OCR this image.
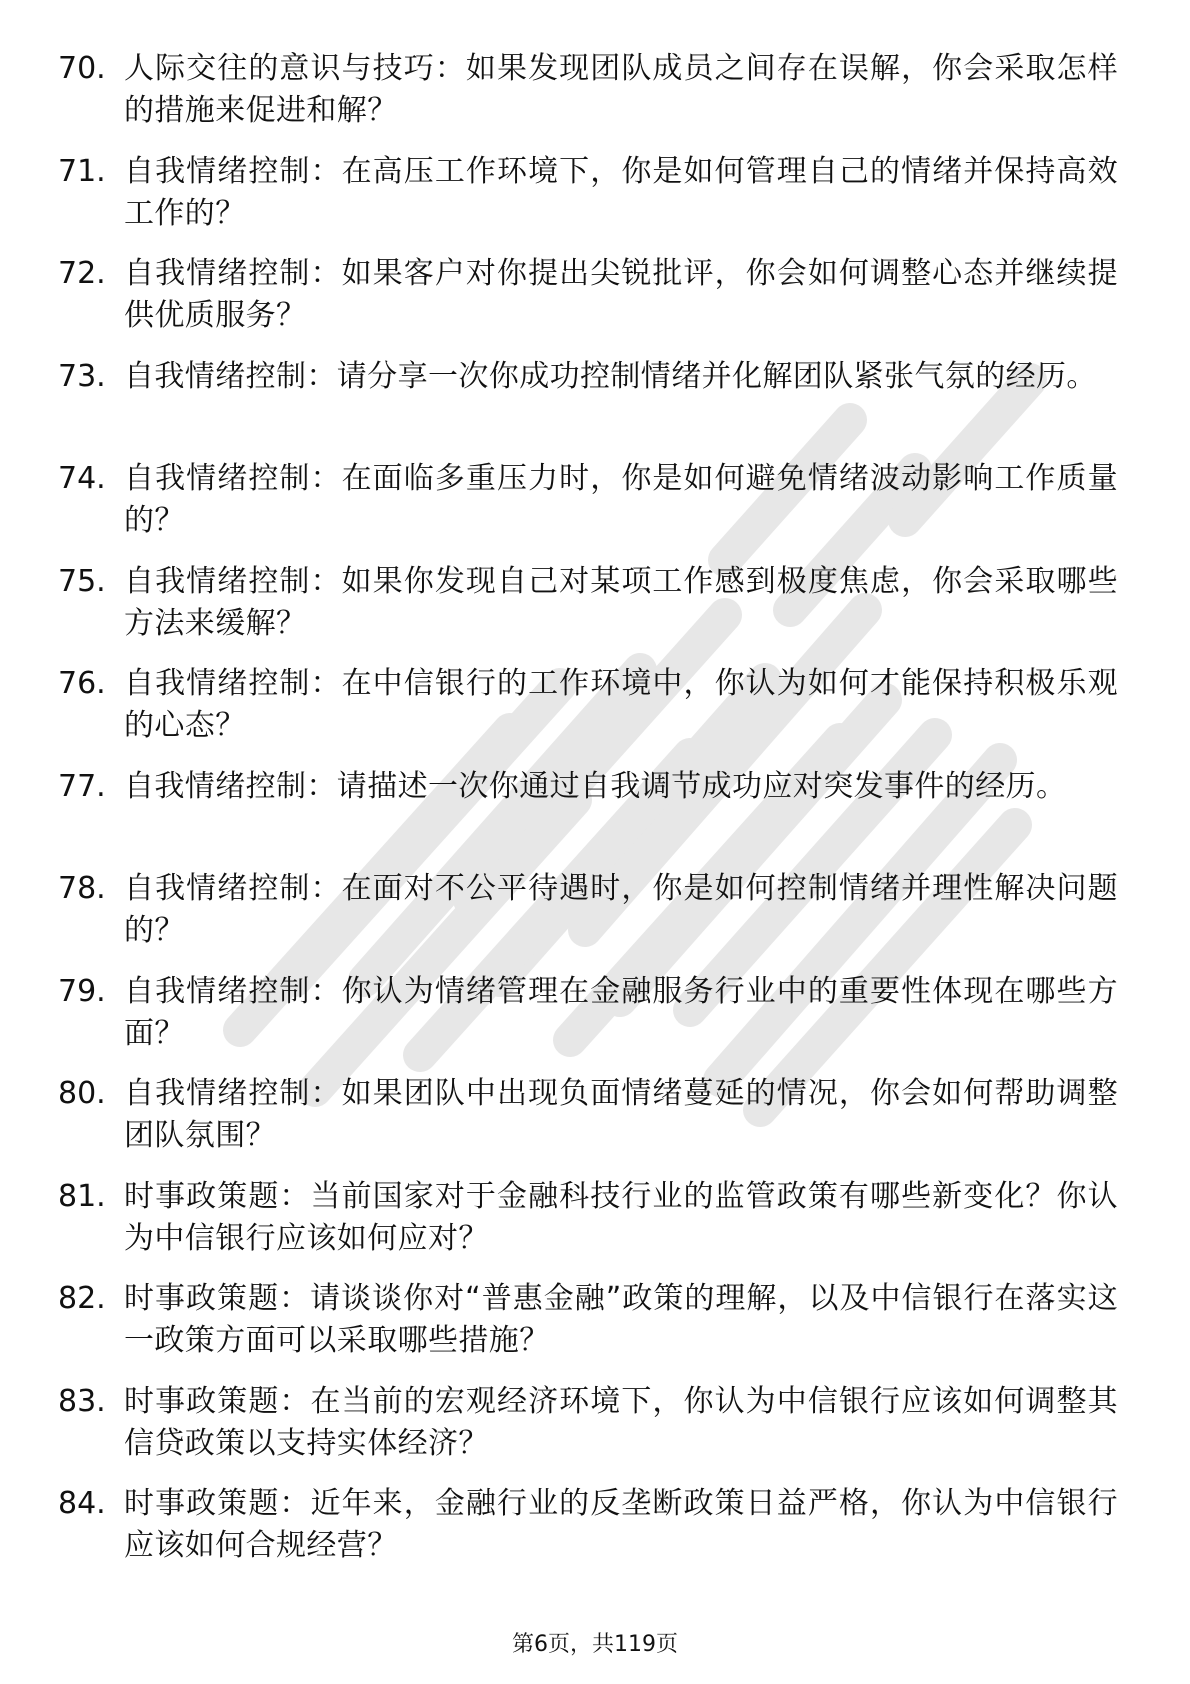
70. 人际交往的意识与技巧：如果发现团队成员之间存在误解，你会采取怎样的措施来促进和解？
71. 自我情绪控制：在高压工作环境下，你是如何管理自己的情绪并保持高效工作的？
72. 自我情绪控制：如果客户对你提出尖锐批评，你会如何调整心态并继续提供优质服务？
73. 自我情绪控制：请分享一次你成功控制情绪并化解团队紧张气氛的经历。
74. 自我情绪控制：在面临多重压力时，你是如何避免情绪波动影响工作质量的？
75. 自我情绪控制：如果你发现自己对某项工作感到极度焦虑，你会采取哪些方法来缓解？
76. 自我情绪控制：在中信银行的工作环境中，你认为如何才能保持积极乐观的心态？
77. 自我情绪控制：请描述一次你通过自我调节成功应对突发事件的经历。
78. 自我情绪控制：在面对不公平待遇时，你是如何控制情绪并理性解决问题的？
79. 自我情绪控制：你认为情绪管理在金融服务行业中的重要性体现在哪些方面？
80. 自我情绪控制：如果团队中出现负面情绪蔓延的情况，你会如何帮助调整团队氛围？
81. 时事政策题：当前国家对于金融科技行业的监管政策有哪些新变化？你认为中信银行应该如何应对？
82. 时事政策题：请谈谈你对“普惠金融”政策的理解，以及中信银行在落实这一政策方面可以采取哪些措施？
83. 时事政策题：在当前的宏观经济环境下，你认为中信银行应该如何调整其信贷政策以支持实体经济？
84. 时事政策题：近年来，金融行业的反垄断政策日益严格，你认为中信银行应该如何合规经营？
第6页，共119页
